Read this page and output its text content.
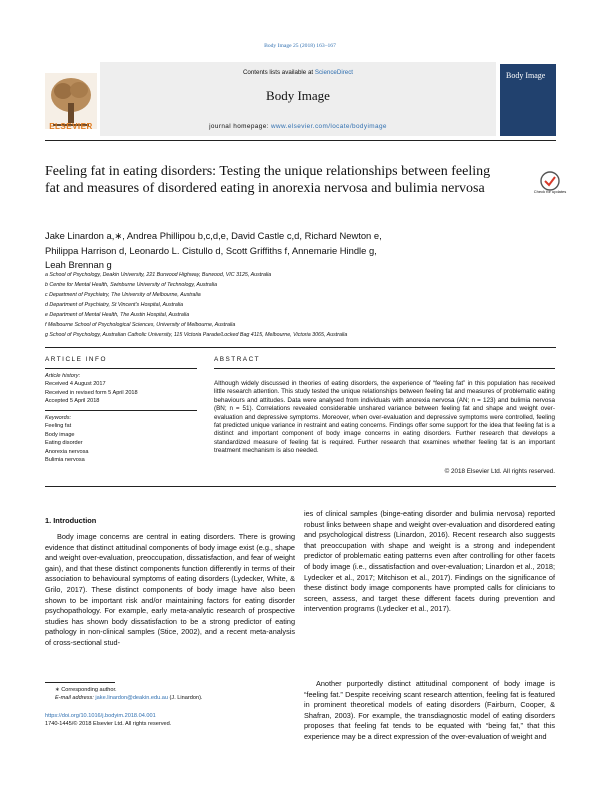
Body Image 25 (2018) 163–167
Contents lists available at ScienceDirect
Body Image
journal homepage: www.elsevier.com/locate/bodyimage
ELSEVIER
Body Image
Feeling fat in eating disorders: Testing the unique relationships between feeling fat and measures of disordered eating in anorexia nervosa and bulimia nervosa	Check for updates
Jake Linardon a,∗, Andrea Phillipou b,c,d,e, David Castle c,d, Richard Newton e,
Philippa Harrison d, Leonardo L. Cistullo d, Scott Griffiths f, Annemarie Hindle g,
Leah Brennan g
a School of Psychology, Deakin University, 221 Burwood Highway, Burwood, VIC 3125, Australia
b Centre for Mental Health, Swinburne University of Technology, Australia
c Department of Psychiatry, The University of Melbourne, Australia
d Department of Psychiatry, St Vincent's Hospital, Australia
e Department of Mental Health, The Austin Hospital, Australia
f Melbourne School of Psychological Sciences, University of Melbourne, Australia
g School of Psychology, Australian Catholic University, 115 Victoria Parade/Locked Bag 4115, Melbourne, Victoria 3065, Australia
ARTICLE INFO
Article history:
Received 4 August 2017
Received in revised form 5 April 2018
Accepted 5 April 2018
Keywords:
Feeling fat
Body image
Eating disorder
Anorexia nervosa
Bulimia nervosa
ABSTRACT
Although widely discussed in theories of eating disorders, the experience of “feeling fat” in this population has received little research attention. This study tested the unique relationships between feeling fat and measures of problematic eating behaviours and attitudes. Data were analysed from individuals with anorexia nervosa (AN; n = 123) and bulimia nervosa (BN; n = 51). Correlations revealed considerable unshared variance between feeling fat and shape and weight over-evaluation and depressive symptoms. Moreover, when over-evaluation and depressive symptoms were controlled, feeling fat predicted unique variance in restraint and eating concerns. Findings offer some support for the idea that feeling fat is a distinct and important component of body image concerns in eating disorders. Further research that develops a standardized measure of feeling fat is required. Further research that examines whether feeling fat is an important treatment mechanism is also needed.
© 2018 Elsevier Ltd. All rights reserved.
1. Introduction
Body image concerns are central in eating disorders. There is growing evidence that distinct attitudinal components of body image exist (e.g., shape and weight over-evaluation, preoccupation, dissatisfaction, and fear of weight gain), and that these distinct components function differently in terms of their association to behavioural symptoms of eating disorders (Lydecker, White, & Grilo, 2017). These distinct components of body image have also been shown to be important risk and/or maintaining factors for eating disorder psychopathology. For example, early meta-analytic research of prospective studies has shown body dissatisfaction to be a strong predictor of eating pathology in non-clinical samples (Stice, 2002), and a recent meta-analysis of cross-sectional stud-
ies of clinical samples (binge-eating disorder and bulimia nervosa) reported robust links between shape and weight over-evaluation and disordered eating and psychological distress (Linardon, 2016). Recent research also suggests that preoccupation with shape and weight is a strong and independent predictor of problematic eating patterns even after controlling for other facets of body image (i.e., dissatisfaction and over-evaluation; Linardon et al., 2018; Lydecker et al., 2017; Mitchison et al., 2017). Findings on the significance of these distinct body image components have prompted calls for clinicians to screen, assess, and target these different facets during prevention and intervention programs (Lydecker et al., 2017).
Another purportedly distinct attitudinal component of body image is “feeling fat.” Despite receiving scant research attention, feeling fat is featured in prominent theoretical models of eating disorders (Fairburn, Cooper, & Shafran, 2003). For example, the transdiagnostic model of eating disorders proposes that feeling fat tends to be equated with “being fat,” that this experience may be a direct expression of the over-evaluation of weight and
∗ Corresponding author.
E-mail address: jake.linardon@deakin.edu.au (J. Linardon).
https://doi.org/10.1016/j.bodyim.2018.04.001
1740-1445/© 2018 Elsevier Ltd. All rights reserved.
